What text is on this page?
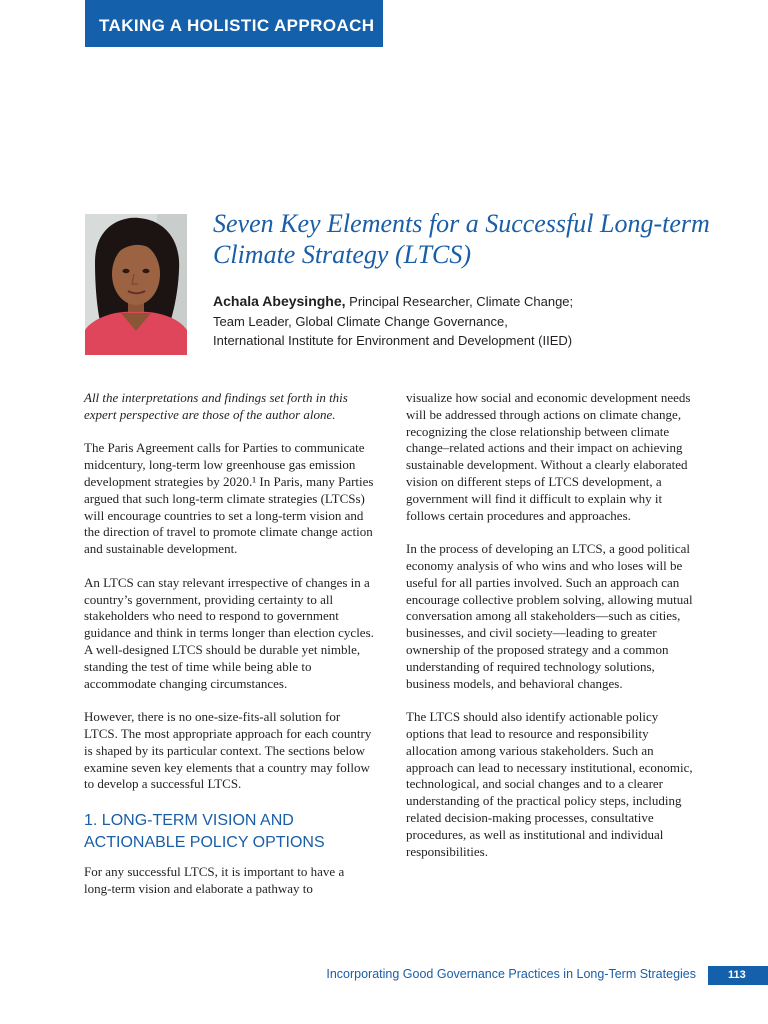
TAKING A HOLISTIC APPROACH
Seven Key Elements for a Successful Long-term Climate Strategy (LTCS)
Achala Abeysinghe, Principal Researcher, Climate Change;
Team Leader, Global Climate Change Governance,
International Institute for Environment and Development (IIED)

All the interpretations and findings set forth in this expert perspective are those of the author alone.

The Paris Agreement calls for Parties to communicate midcentury, long-term low greenhouse gas emission development strategies by 2020.¹ In Paris, many Parties argued that such long-term climate strategies (LTCSs) will encourage countries to set a long-term vision and the direction of travel to promote climate change action and sustainable development.

An LTCS can stay relevant irrespective of changes in a country’s government, providing certainty to all stakeholders who need to respond to government guidance and think in terms longer than election cycles. A well-designed LTCS should be durable yet nimble, standing the test of time while being able to accommodate changing circumstances.

However, there is no one-size-fits-all solution for LTCS. The most appropriate approach for each country is shaped by its particular context. The sections below examine seven key elements that a country may follow to develop a successful LTCS.

1. LONG-TERM VISION AND
ACTIONABLE POLICY OPTIONS

For any successful LTCS, it is important to have a long-term vision and elaborate a pathway to

visualize how social and economic development needs will be addressed through actions on climate change, recognizing the close relationship between climate change–related actions and their impact on achieving sustainable development. Without a clearly elaborated vision on different steps of LTCS development, a government will find it difficult to explain why it follows certain procedures and approaches.

In the process of developing an LTCS, a good political economy analysis of who wins and who loses will be useful for all parties involved. Such an approach can encourage collective problem solving, allowing mutual conversation among all stakeholders—such as cities, businesses, and civil society—leading to greater ownership of the proposed strategy and a common understanding of required technology solutions, business models, and behavioral changes.

The LTCS should also identify actionable policy options that lead to resource and responsibility allocation among various stakeholders. Such an approach can lead to necessary institutional, economic, technological, and social changes and to a clearer understanding of the practical policy steps, including related decision-making processes, consultative procedures, as well as institutional and individual responsibilities.

Incorporating Good Governance Practices in Long-Term Strategies	113
